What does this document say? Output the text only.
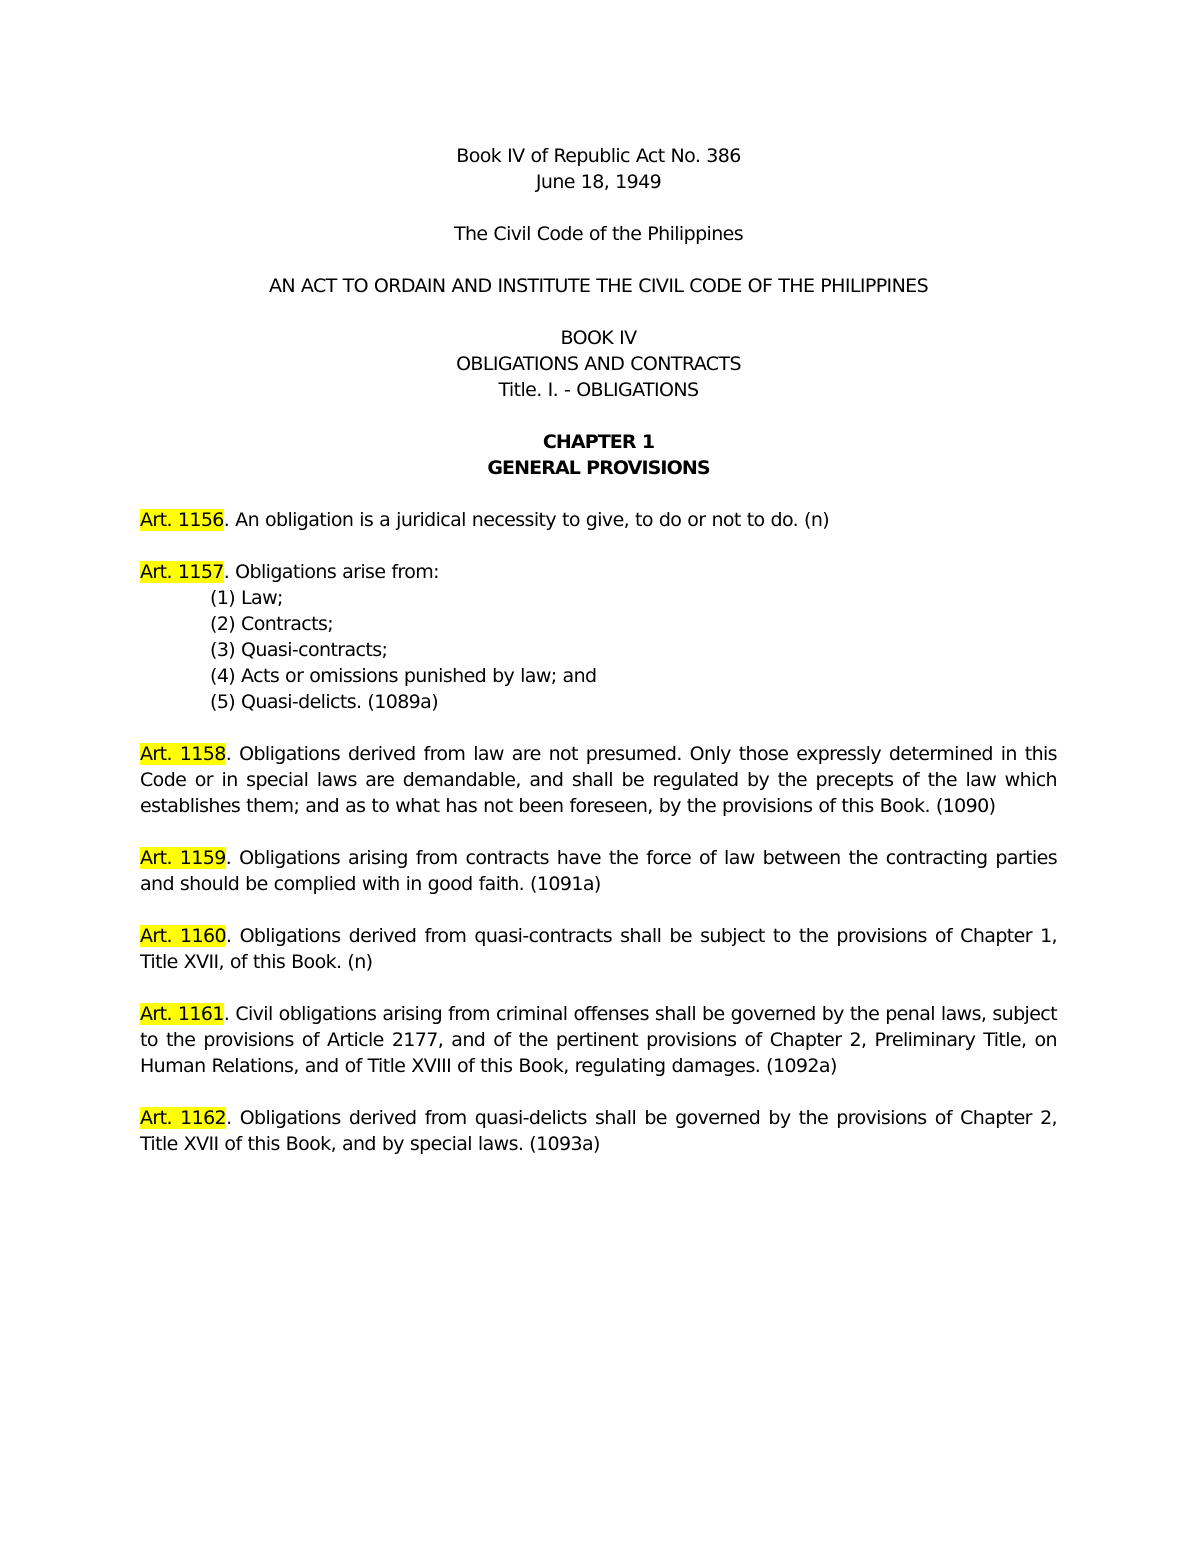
Book IV of Republic Act No. 386

June 18, 1949

The Civil Code of the Philippines

AN ACT TO ORDAIN AND INSTITUTE THE CIVIL CODE OF THE PHILIPPINES

BOOK IV

OBLIGATIONS AND CONTRACTS

Title. I. - OBLIGATIONS

CHAPTER 1

GENERAL PROVISIONS

Art. 1156. An obligation is a juridical necessity to give, to do or not to do. (n)

Art. 1157. Obligations arise from:

(1) Law;
(2) Contracts;
(3) Quasi-contracts;
(4) Acts or omissions punished by law; and
(5) Quasi-delicts. (1089a)

Art. 1158. Obligations derived from law are not presumed. Only those expressly determined in this Code or in special laws are demandable, and shall be regulated by the precepts of the law which establishes them; and as to what has not been foreseen, by the provisions of this Book. (1090)

Art. 1159. Obligations arising from contracts have the force of law between the contracting parties and should be complied with in good faith. (1091a)

Art. 1160. Obligations derived from quasi-contracts shall be subject to the provisions of Chapter 1, Title XVII, of this Book. (n)

Art. 1161. Civil obligations arising from criminal offenses shall be governed by the penal laws, subject to the provisions of Article 2177, and of the pertinent provisions of Chapter 2, Preliminary Title, on Human Relations, and of Title XVIII of this Book, regulating damages. (1092a)

Art. 1162. Obligations derived from quasi-delicts shall be governed by the provisions of Chapter 2, Title XVII of this Book, and by special laws. (1093a)
